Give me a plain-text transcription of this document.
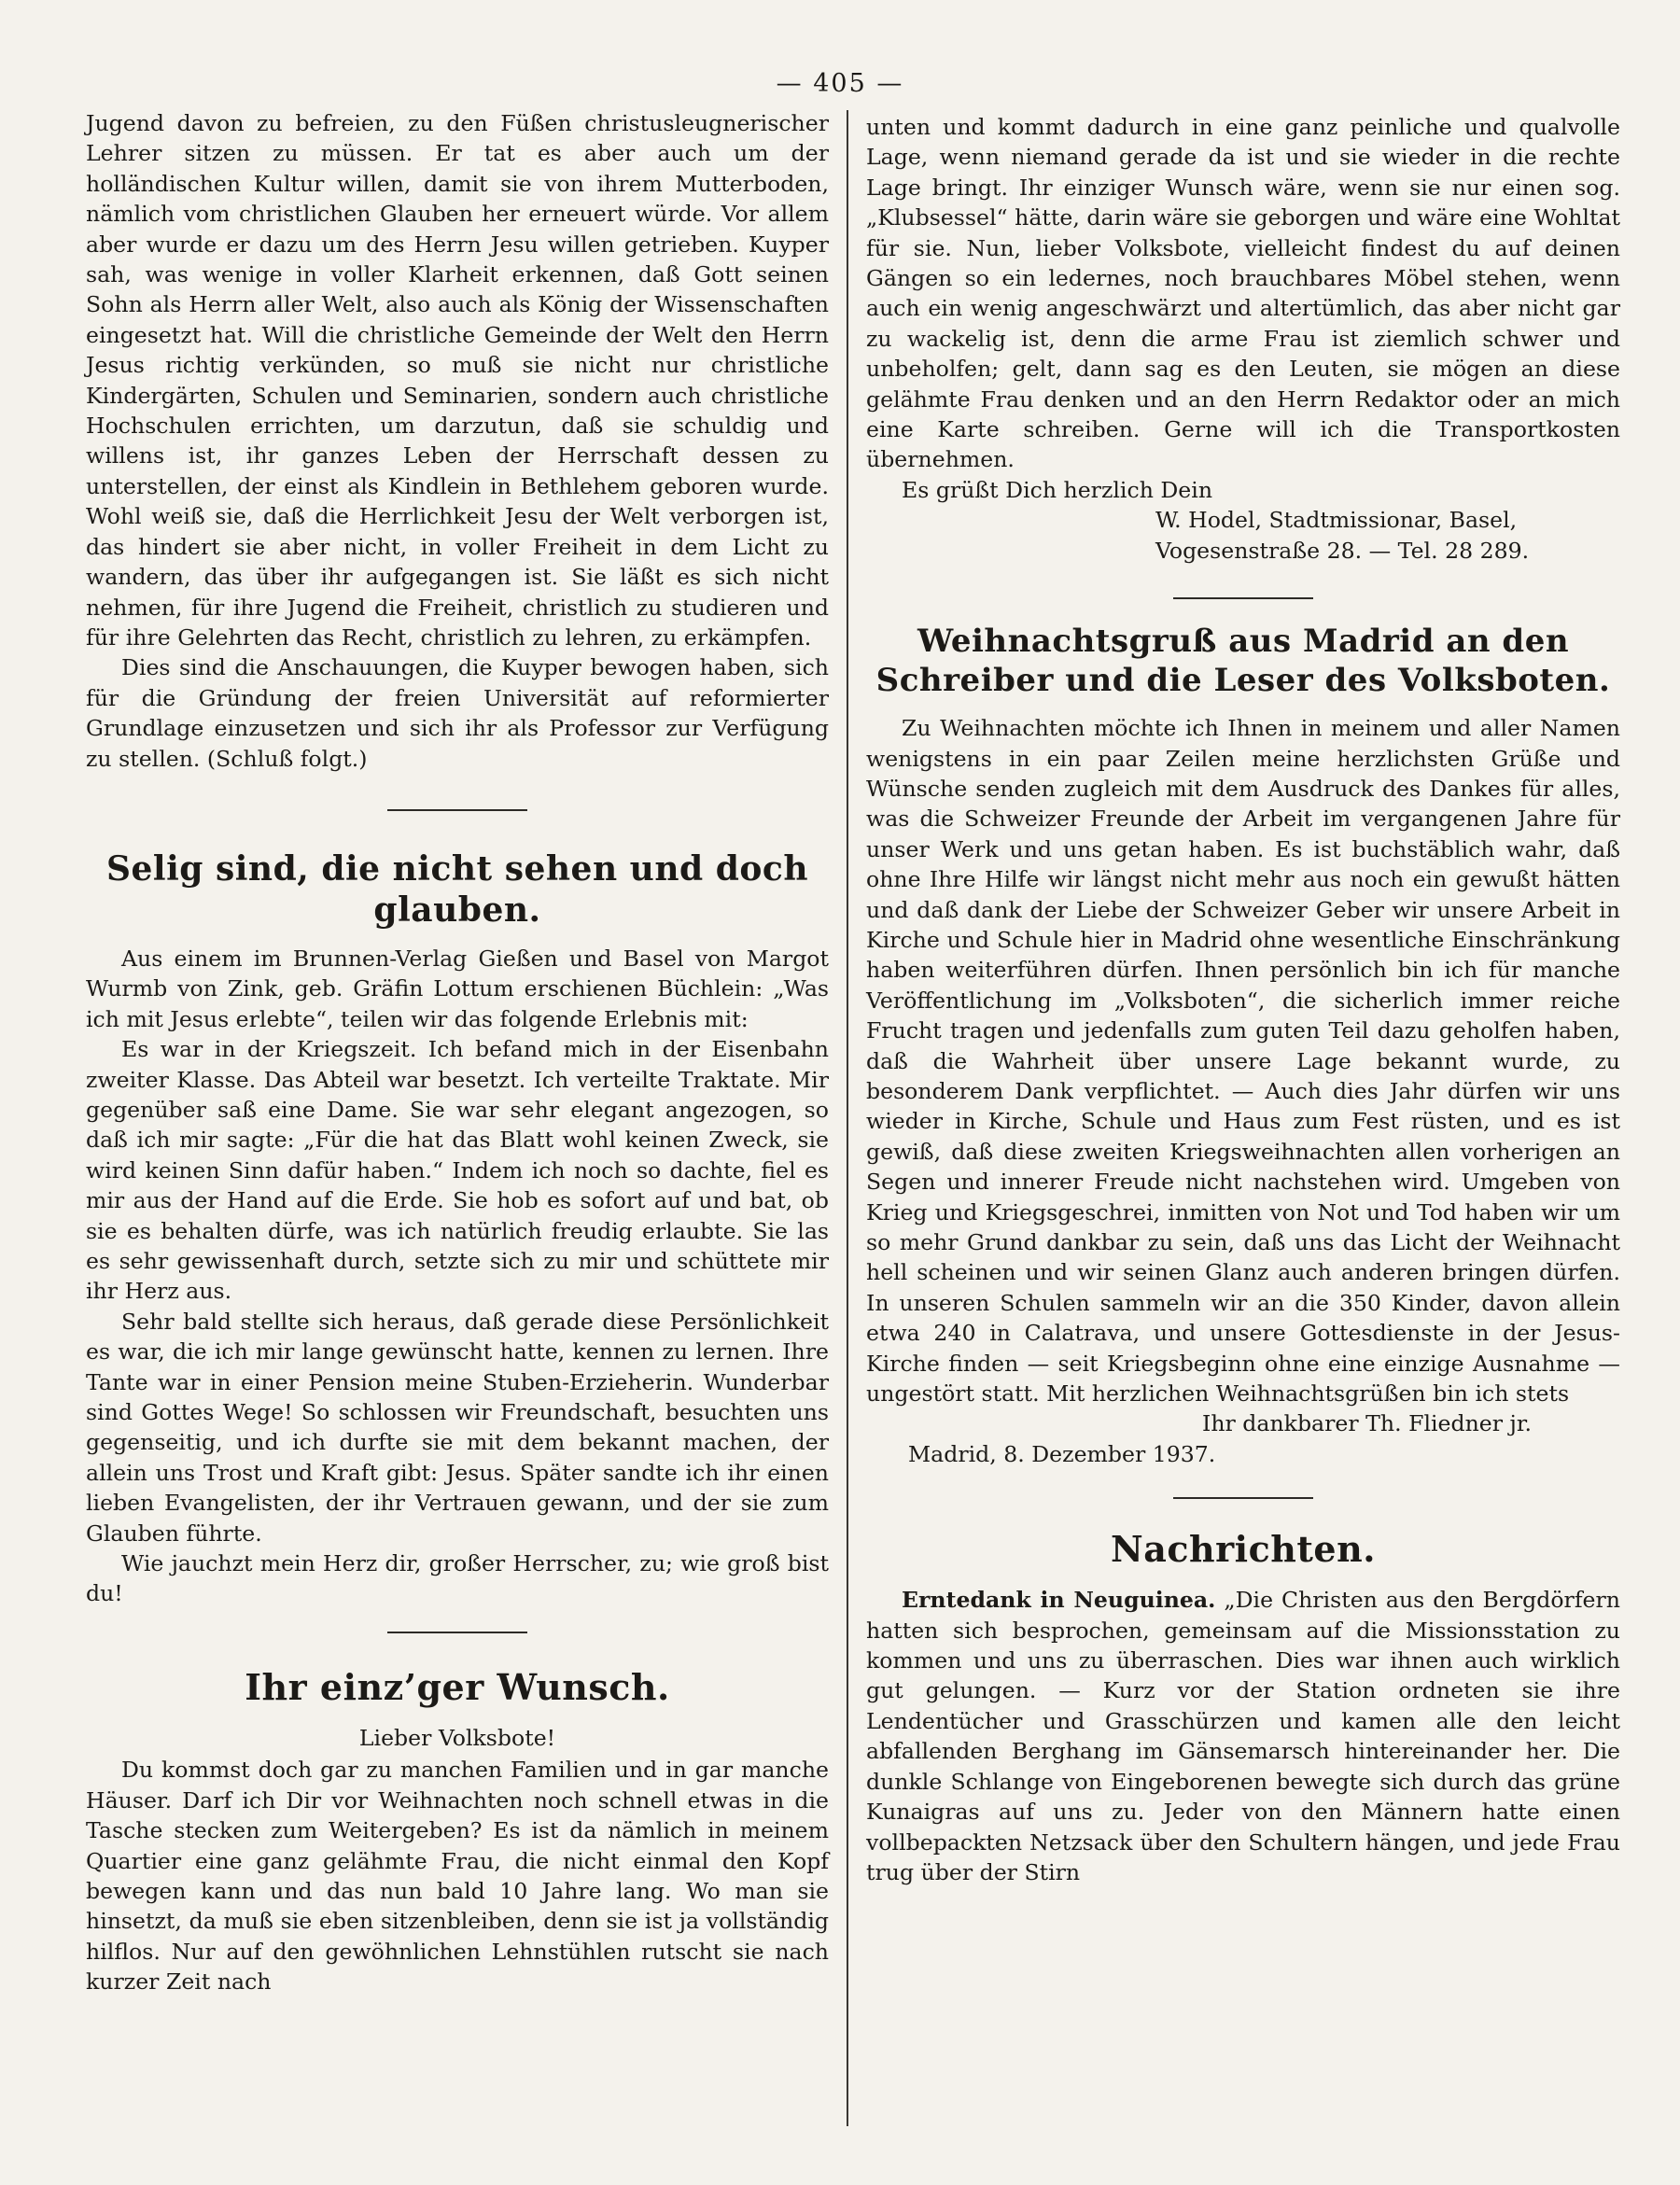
— 405 —

Jugend davon zu befreien, zu den Füßen christusleugnerischer Lehrer sitzen zu müssen. Er tat es aber auch um der holländischen Kultur willen, damit sie von ihrem Mutterboden, nämlich vom christlichen Glauben her erneuert würde. Vor allem aber wurde er dazu um des Herrn Jesu willen getrieben. Kuyper sah, was wenige in voller Klarheit erkennen, daß Gott seinen Sohn als Herrn aller Welt, also auch als König der Wissenschaften eingesetzt hat. Will die christliche Gemeinde der Welt den Herrn Jesus richtig verkünden, so muß sie nicht nur christliche Kindergärten, Schulen und Seminarien, sondern auch christliche Hochschulen errichten, um darzutun, daß sie schuldig und willens ist, ihr ganzes Leben der Herrschaft dessen zu unterstellen, der einst als Kindlein in Bethlehem geboren wurde. Wohl weiß sie, daß die Herrlichkeit Jesu der Welt verborgen ist, das hindert sie aber nicht, in voller Freiheit in dem Licht zu wandern, das über ihr aufgegangen ist. Sie läßt es sich nicht nehmen, für ihre Jugend die Freiheit, christlich zu studieren und für ihre Gelehrten das Recht, christlich zu lehren, zu erkämpfen.

Dies sind die Anschauungen, die Kuyper bewogen haben, sich für die Gründung der freien Universität auf reformierter Grundlage einzusetzen und sich ihr als Professor zur Verfügung zu stellen. (Schluß folgt.)

Selig sind, die nicht sehen und doch glauben.

Aus einem im Brunnen-Verlag Gießen und Basel von Margot Wurmb von Zink, geb. Gräfin Lottum erschienen Büchlein: „Was ich mit Jesus erlebte“, teilen wir das folgende Erlebnis mit:

Es war in der Kriegszeit. Ich befand mich in der Eisenbahn zweiter Klasse. Das Abteil war besetzt. Ich verteilte Traktate. Mir gegenüber saß eine Dame. Sie war sehr elegant angezogen, so daß ich mir sagte: „Für die hat das Blatt wohl keinen Zweck, sie wird keinen Sinn dafür haben.“ Indem ich noch so dachte, fiel es mir aus der Hand auf die Erde. Sie hob es sofort auf und bat, ob sie es behalten dürfe, was ich natürlich freudig erlaubte. Sie las es sehr gewissenhaft durch, setzte sich zu mir und schüttete mir ihr Herz aus.

Sehr bald stellte sich heraus, daß gerade diese Persönlichkeit es war, die ich mir lange gewünscht hatte, kennen zu lernen. Ihre Tante war in einer Pension meine Stuben-Erzieherin. Wunderbar sind Gottes Wege! So schlossen wir Freundschaft, besuchten uns gegenseitig, und ich durfte sie mit dem bekannt machen, der allein uns Trost und Kraft gibt: Jesus. Später sandte ich ihr einen lieben Evangelisten, der ihr Vertrauen gewann, und der sie zum Glauben führte.

Wie jauchzt mein Herz dir, großer Herrscher, zu; wie groß bist du!

Ihr einz’ger Wunsch.

Lieber Volksbote!

Du kommst doch gar zu manchen Familien und in gar manche Häuser. Darf ich Dir vor Weihnachten noch schnell etwas in die Tasche stecken zum Weitergeben? Es ist da nämlich in meinem Quartier eine ganz gelähmte Frau, die nicht einmal den Kopf bewegen kann und das nun bald 10 Jahre lang. Wo man sie hinsetzt, da muß sie eben sitzenbleiben, denn sie ist ja vollständig hilflos. Nur auf den gewöhnlichen Lehnstühlen rutscht sie nach kurzer Zeit nach

unten und kommt dadurch in eine ganz peinliche und qualvolle Lage, wenn niemand gerade da ist und sie wieder in die rechte Lage bringt. Ihr einziger Wunsch wäre, wenn sie nur einen sog. „Klubsessel“ hätte, darin wäre sie geborgen und wäre eine Wohltat für sie. Nun, lieber Volksbote, vielleicht findest du auf deinen Gängen so ein ledernes, noch brauchbares Möbel stehen, wenn auch ein wenig angeschwärzt und altertümlich, das aber nicht gar zu wackelig ist, denn die arme Frau ist ziemlich schwer und unbeholfen; gelt, dann sag es den Leuten, sie mögen an diese gelähmte Frau denken und an den Herrn Redaktor oder an mich eine Karte schreiben. Gerne will ich die Transportkosten übernehmen.

Es grüßt Dich herzlich Dein

W. Hodel, Stadtmissionar, Basel,

Vogesenstraße 28. — Tel. 28 289.

Weihnachtsgruß aus Madrid an den Schreiber und die Leser des Volksboten.

Zu Weihnachten möchte ich Ihnen in meinem und aller Namen wenigstens in ein paar Zeilen meine herzlichsten Grüße und Wünsche senden zugleich mit dem Ausdruck des Dankes für alles, was die Schweizer Freunde der Arbeit im vergangenen Jahre für unser Werk und uns getan haben. Es ist buchstäblich wahr, daß ohne Ihre Hilfe wir längst nicht mehr aus noch ein gewußt hätten und daß dank der Liebe der Schweizer Geber wir unsere Arbeit in Kirche und Schule hier in Madrid ohne wesentliche Einschränkung haben weiterführen dürfen. Ihnen persönlich bin ich für manche Veröffentlichung im „Volksboten“, die sicherlich immer reiche Frucht tragen und jedenfalls zum guten Teil dazu geholfen haben, daß die Wahrheit über unsere Lage bekannt wurde, zu besonderem Dank verpflichtet. — Auch dies Jahr dürfen wir uns wieder in Kirche, Schule und Haus zum Fest rüsten, und es ist gewiß, daß diese zweiten Kriegsweihnachten allen vorherigen an Segen und innerer Freude nicht nachstehen wird. Umgeben von Krieg und Kriegsgeschrei, inmitten von Not und Tod haben wir um so mehr Grund dankbar zu sein, daß uns das Licht der Weihnacht hell scheinen und wir seinen Glanz auch anderen bringen dürfen. In unseren Schulen sammeln wir an die 350 Kinder, davon allein etwa 240 in Calatrava, und unsere Gottesdienste in der Jesus-Kirche finden — seit Kriegsbeginn ohne eine einzige Ausnahme — ungestört statt. Mit herzlichen Weihnachtsgrüßen bin ich stets

Ihr dankbarer Th. Fliedner jr.

Madrid, 8. Dezember 1937.

Nachrichten.

Erntedank in Neuguinea. „Die Christen aus den Bergdörfern hatten sich besprochen, gemeinsam auf die Missionsstation zu kommen und uns zu überraschen. Dies war ihnen auch wirklich gut gelungen. — Kurz vor der Station ordneten sie ihre Lendentücher und Grasschürzen und kamen alle den leicht abfallenden Berghang im Gänsemarsch hintereinander her. Die dunkle Schlange von Eingeborenen bewegte sich durch das grüne Kunaigras auf uns zu. Jeder von den Männern hatte einen vollbepackten Netzsack über den Schultern hängen, und jede Frau trug über der Stirn
